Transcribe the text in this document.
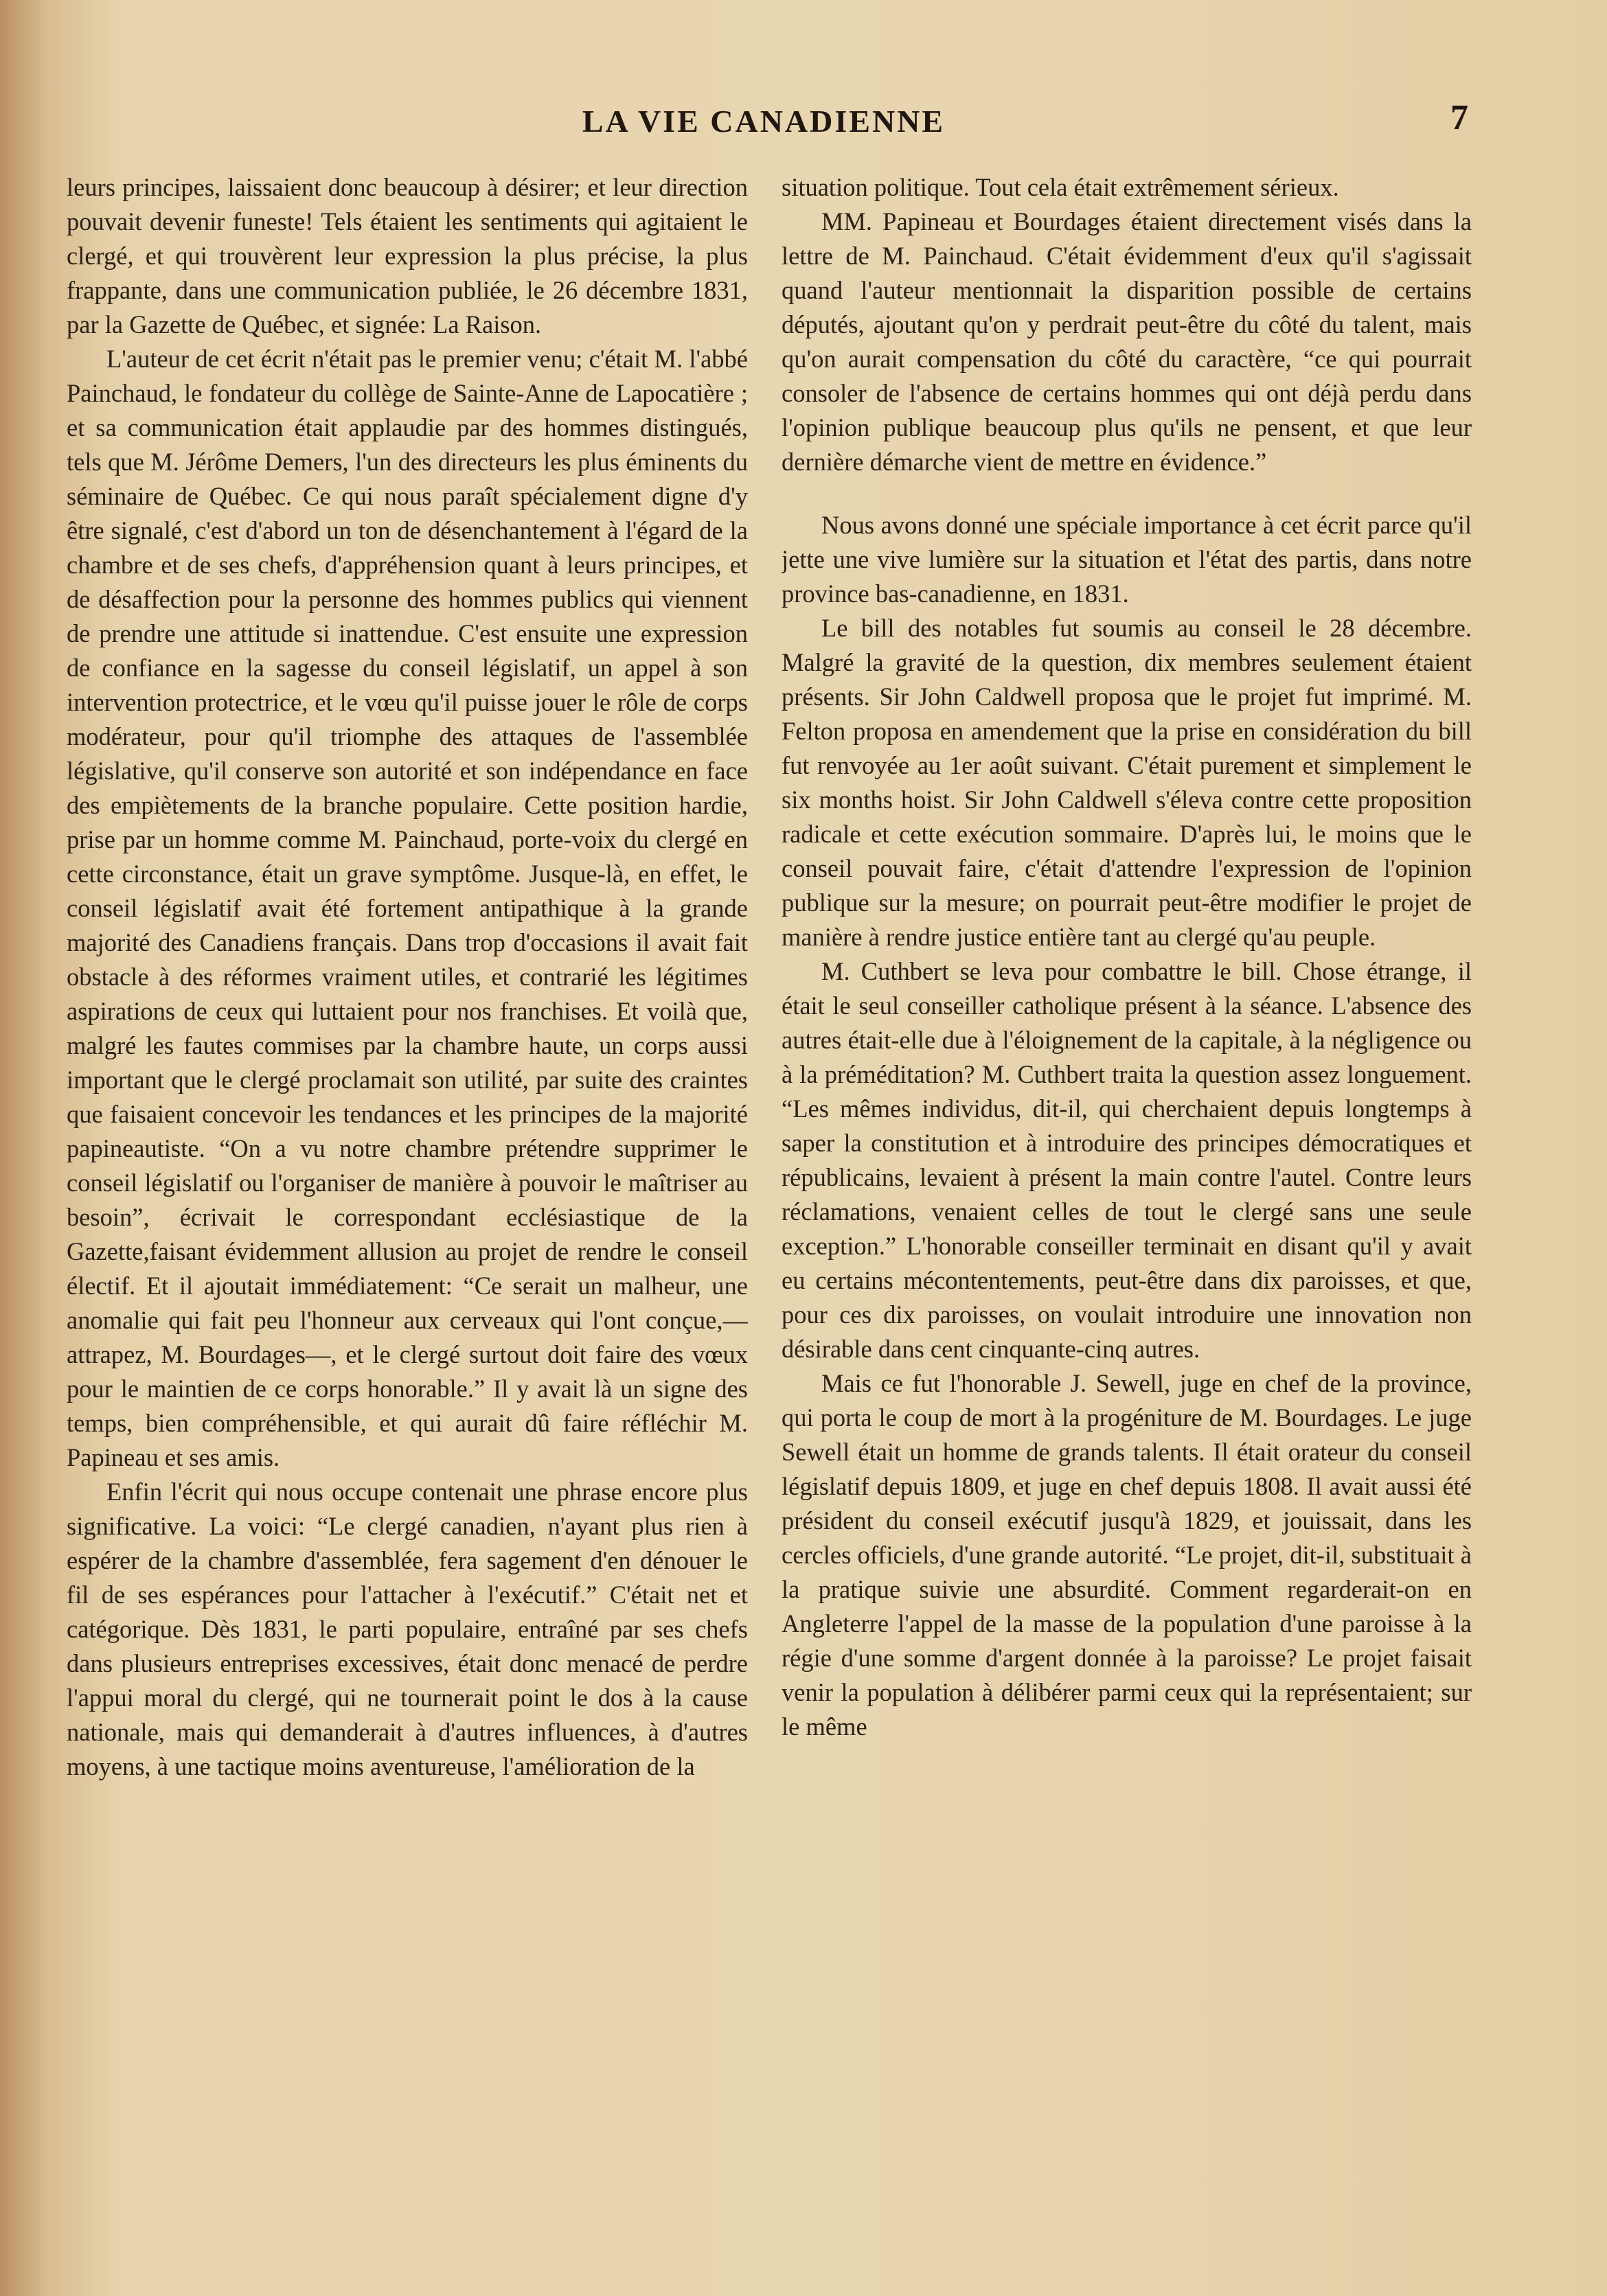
LA VIE CANADIENNE	7

leurs principes, laissaient donc beaucoup à désirer; et leur direction pouvait devenir funeste! Tels étaient les sentiments qui agitaient le clergé, et qui trouvèrent leur expression la plus précise, la plus frappante, dans une communication publiée, le 26 décembre 1831, par la Gazette de Québec, et signée: La Raison.

L'auteur de cet écrit n'était pas le premier venu; c'était M. l'abbé Painchaud, le fondateur du collège de Sainte-Anne de Lapocatière ; et sa communication était applaudie par des hommes distingués, tels que M. Jérôme Demers, l'un des directeurs les plus éminents du séminaire de Québec. Ce qui nous paraît spécialement digne d'y être signalé, c'est d'abord un ton de désenchantement à l'égard de la chambre et de ses chefs, d'appréhension quant à leurs principes, et de désaffection pour la personne des hommes publics qui viennent de prendre une attitude si inattendue. C'est ensuite une expression de confiance en la sagesse du conseil législatif, un appel à son intervention protectrice, et le vœu qu'il puisse jouer le rôle de corps modérateur, pour qu'il triomphe des attaques de l'assemblée législative, qu'il conserve son autorité et son indépendance en face des empiètements de la branche populaire. Cette position hardie, prise par un homme comme M. Painchaud, porte-voix du clergé en cette circonstance, était un grave symptôme. Jusque-là, en effet, le conseil législatif avait été fortement antipathique à la grande majorité des Canadiens français. Dans trop d'occasions il avait fait obstacle à des réformes vraiment utiles, et contrarié les légitimes aspirations de ceux qui luttaient pour nos franchises. Et voilà que, malgré les fautes commises par la chambre haute, un corps aussi important que le clergé proclamait son utilité, par suite des craintes que faisaient concevoir les tendances et les principes de la majorité papineautiste. “On a vu notre chambre prétendre supprimer le conseil législatif ou l'organiser de manière à pouvoir le maîtriser au besoin”, écrivait le correspondant ecclésiastique de la Gazette,faisant évidemment allusion au projet de rendre le conseil électif. Et il ajoutait immédiatement: “Ce serait un malheur, une anomalie qui fait peu l'honneur aux cerveaux qui l'ont conçue,—attrapez, M. Bourdages—, et le clergé surtout doit faire des vœux pour le maintien de ce corps honorable.” Il y avait là un signe des temps, bien compréhensible, et qui aurait dû faire réfléchir M. Papineau et ses amis.

Enfin l'écrit qui nous occupe contenait une phrase encore plus significative. La voici: “Le clergé canadien, n'ayant plus rien à espérer de la chambre d'assemblée, fera sagement d'en dénouer le fil de ses espérances pour l'attacher à l'exécutif.” C'était net et catégorique. Dès 1831, le parti populaire, entraîné par ses chefs dans plusieurs entreprises excessives, était donc menacé de perdre l'appui moral du clergé, qui ne tournerait point le dos à la cause nationale, mais qui demanderait à d'autres influences, à d'autres moyens, à une tactique moins aventureuse, l'amélioration de la

situation politique. Tout cela était extrêmement sérieux.

MM. Papineau et Bourdages étaient directement visés dans la lettre de M. Painchaud. C'était évidemment d'eux qu'il s'agissait quand l'auteur mentionnait la disparition possible de certains députés, ajoutant qu'on y perdrait peut-être du côté du talent, mais qu'on aurait compensation du côté du caractère, “ce qui pourrait consoler de l'absence de certains hommes qui ont déjà perdu dans l'opinion publique beaucoup plus qu'ils ne pensent, et que leur dernière démarche vient de mettre en évidence.”

Nous avons donné une spéciale importance à cet écrit parce qu'il jette une vive lumière sur la situation et l'état des partis, dans notre province bas-canadienne, en 1831.

Le bill des notables fut soumis au conseil le 28 décembre. Malgré la gravité de la question, dix membres seulement étaient présents. Sir John Caldwell proposa que le projet fut imprimé. M. Felton proposa en amendement que la prise en considération du bill fut renvoyée au 1er août suivant. C'était purement et simplement le six months hoist. Sir John Caldwell s'éleva contre cette proposition radicale et cette exécution sommaire. D'après lui, le moins que le conseil pouvait faire, c'était d'attendre l'expression de l'opinion publique sur la mesure; on pourrait peut-être modifier le projet de manière à rendre justice entière tant au clergé qu'au peuple.

M. Cuthbert se leva pour combattre le bill. Chose étrange, il était le seul conseiller catholique présent à la séance. L'absence des autres était-elle due à l'éloignement de la capitale, à la négligence ou à la préméditation? M. Cuthbert traita la question assez longuement. “Les mêmes individus, dit-il, qui cherchaient depuis longtemps à saper la constitution et à introduire des principes démocratiques et républicains, levaient à présent la main contre l'autel. Contre leurs réclamations, venaient celles de tout le clergé sans une seule exception.” L'honorable conseiller terminait en disant qu'il y avait eu certains mécontentements, peut-être dans dix paroisses, et que, pour ces dix paroisses, on voulait introduire une innovation non désirable dans cent cinquante-cinq autres.

Mais ce fut l'honorable J. Sewell, juge en chef de la province, qui porta le coup de mort à la progéniture de M. Bourdages. Le juge Sewell était un homme de grands talents. Il était orateur du conseil législatif depuis 1809, et juge en chef depuis 1808. Il avait aussi été président du conseil exécutif jusqu'à 1829, et jouissait, dans les cercles officiels, d'une grande autorité. “Le projet, dit-il, substituait à la pratique suivie une absurdité. Comment regarderait-on en Angleterre l'appel de la masse de la population d'une paroisse à la régie d'une somme d'argent donnée à la paroisse? Le projet faisait venir la population à délibérer parmi ceux qui la représentaient; sur le même
